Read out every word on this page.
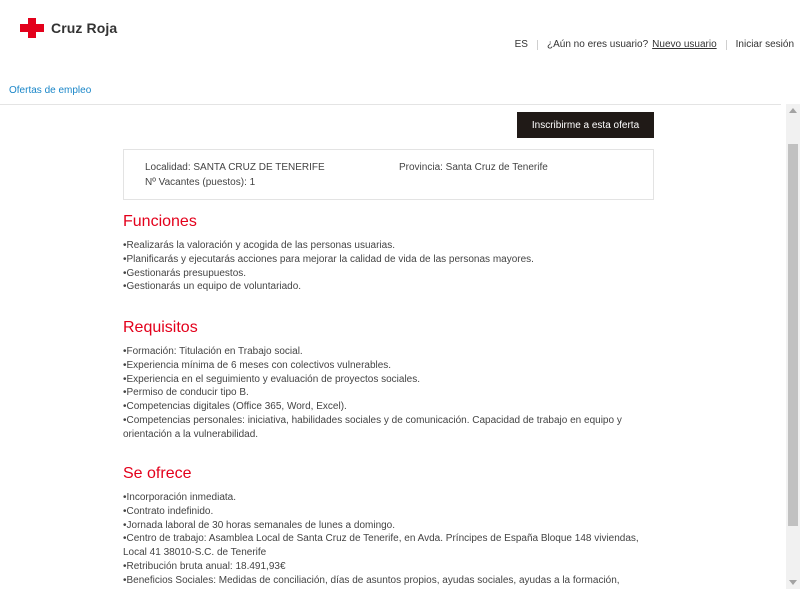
Cruz Roja
ES ¿Aún no eres usuario? Nuevo usuario Iniciar sesión
Ofertas de empleo
Inscribirme a esta oferta
Localidad: SANTA CRUZ DE TENERIFE	Provincia: Santa Cruz de Tenerife
Nº Vacantes (puestos): 1
Funciones
• Realizarás la valoración y acogida de las personas usuarias.
• Planificarás y ejecutarás acciones para mejorar la calidad de vida de las personas mayores.
• Gestionarás presupuestos.
• Gestionarás un equipo de voluntariado.
Requisitos
• Formación: Titulación en Trabajo social.
• Experiencia mínima de 6 meses con colectivos vulnerables.
• Experiencia en el seguimiento y evaluación de proyectos sociales.
• Permiso de conducir tipo B.
• Competencias digitales (Office 365, Word, Excel).
• Competencias personales: iniciativa, habilidades sociales y de comunicación. Capacidad de trabajo en equipo y orientación a la vulnerabilidad.
Se ofrece
• Incorporación inmediata.
• Contrato indefinido.
• Jornada laboral de 30 horas semanales de lunes a domingo.
• Centro de trabajo: Asamblea Local de Santa Cruz de Tenerife, en Avda. Príncipes de España Bloque 148 viviendas, Local 41 38010-S.C. de Tenerife
• Retribución bruta anual: 18.491,93€
• Beneficios Sociales: Medidas de conciliación, días de asuntos propios, ayudas sociales, ayudas a la formación,
